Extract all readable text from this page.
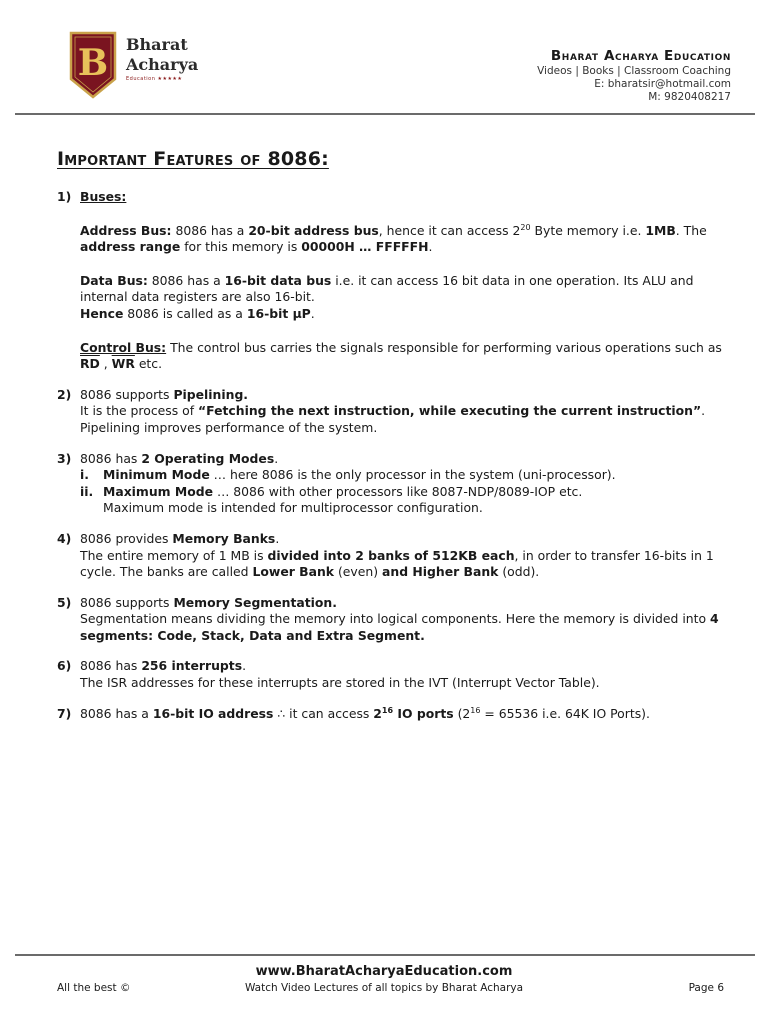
B Bharat
Acharya
Education ★★★★★
Bharat Acharya Education
Videos | Books | Classroom Coaching
E: bharatsir@hotmail.com
M: 9820408217
Important Features of 8086:
1) Buses:
Address Bus: 8086 has a 20-bit address bus, hence it can access $2^{20}$ Byte memory i.e. 1MB. The address range for this memory is 00000H … FFFFFH.
Data Bus: 8086 has a 16-bit data bus i.e. it can access 16 bit data in one operation. Its ALU and internal data registers are also 16-bit.
Hence 8086 is called as a 16-bit µP.
Control Bus: The control bus carries the signals responsible for performing various operations such as $\overline{RD}$ , $\overline{WR}$ etc.
2) 8086 supports Pipelining.
It is the process of “Fetching the next instruction, while executing the current instruction”.
Pipelining improves performance of the system.
3) 8086 has 2 Operating Modes.
i.	Minimum Mode … here 8086 is the only processor in the system (uni-processor).
ii. Maximum Mode … 8086 with other processors like 8087-NDP/8089-IOP etc.
Maximum mode is intended for multiprocessor configuration.
4) 8086 provides Memory Banks.
The entire memory of 1 MB is divided into 2 banks of 512KB each, in order to transfer 16-bits in 1 cycle. The banks are called Lower Bank (even) and Higher Bank (odd).
5) 8086 supports Memory Segmentation.
Segmentation means dividing the memory into logical components. Here the memory is divided into 4 segments: Code, Stack, Data and Extra Segment.
6) 8086 has 256 interrupts.
The ISR addresses for these interrupts are stored in the IVT (Interrupt Vector Table).
7) 8086 has a 16-bit IO address ∴ it can access $2^{16}$ IO ports ($2^{16} = 65536$ i.e. 64K IO Ports).
www.BharatAcharyaEducation.com
All the best ©	Watch Video Lectures of all topics by Bharat Acharya	Page 6
